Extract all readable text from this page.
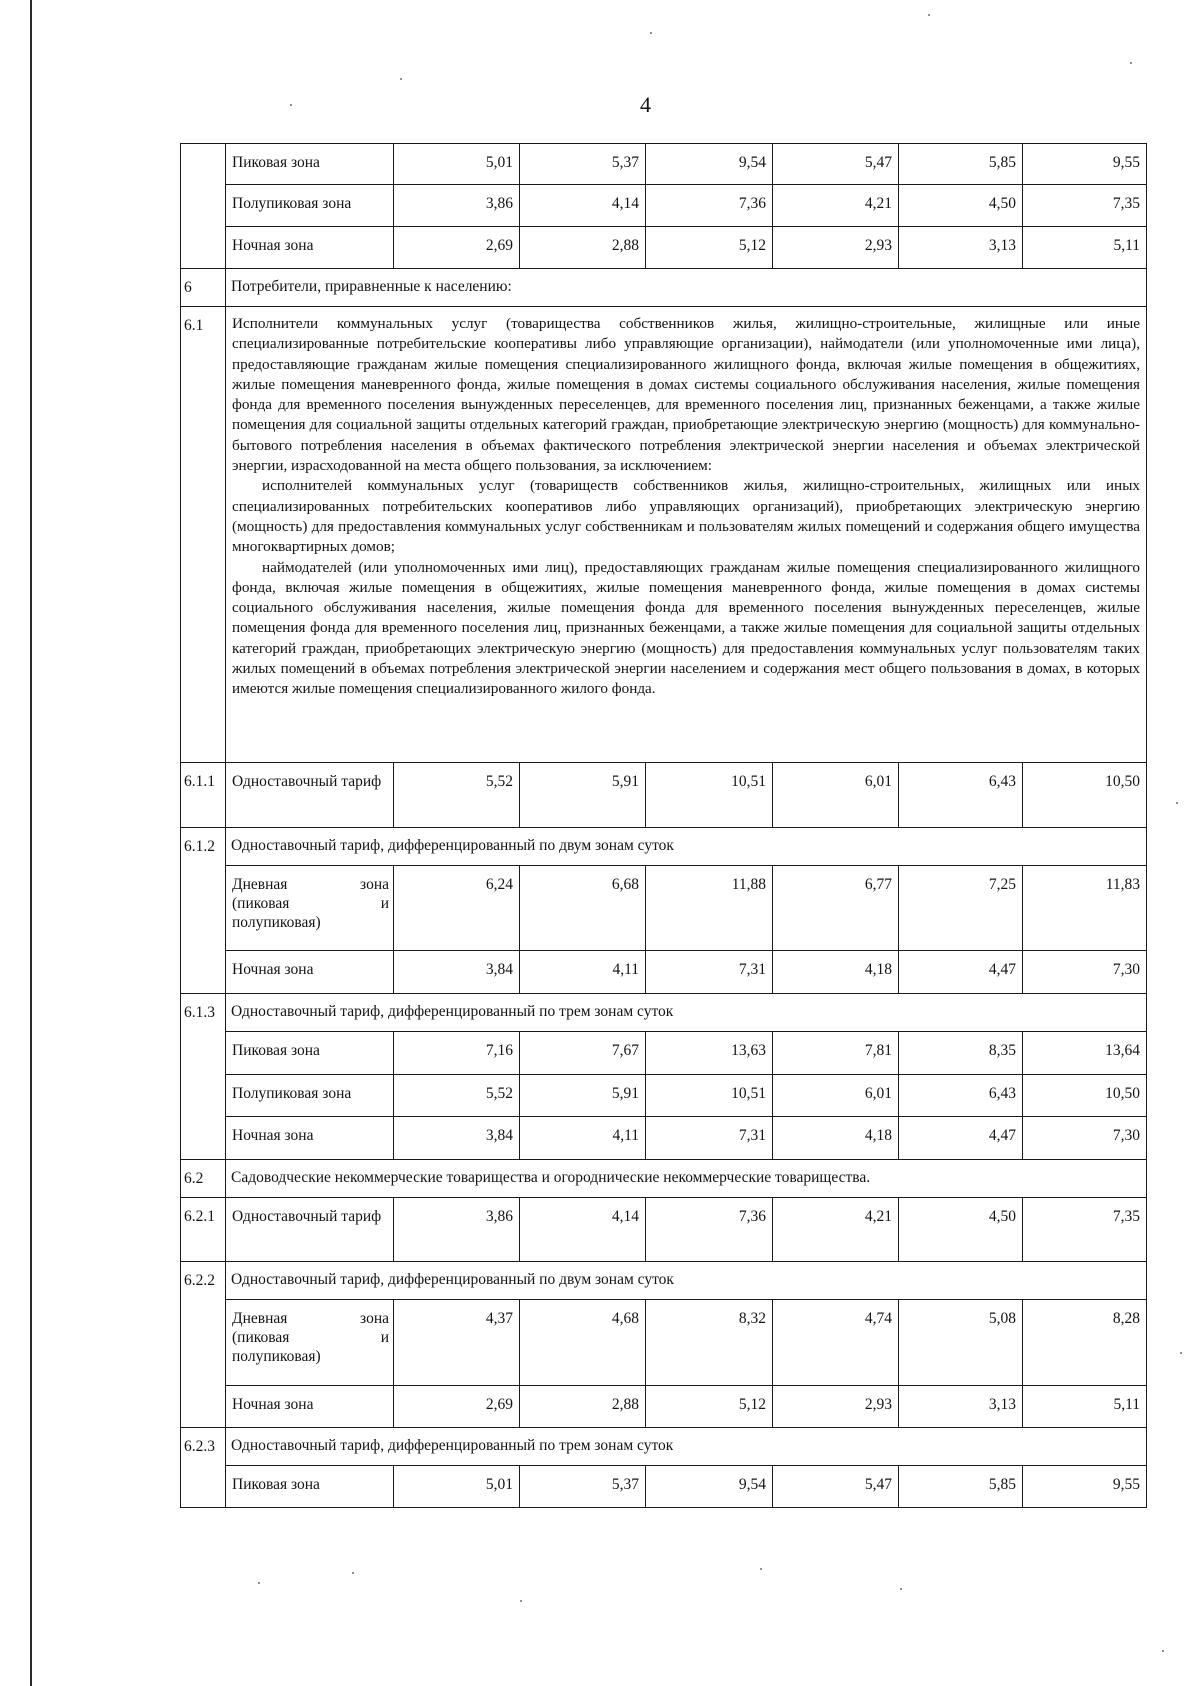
4
	Пиковая зона	5,01	5,37	9,54	5,47	5,85	9,55
	Полупиковая зона	3,86	4,14	7,36	4,21	4,50	7,35
	Ночная зона	2,69	2,88	5,12	2,93	3,13	5,11
6	Потребители, приравненные к населению:						
6.1	Исполнители коммунальных услуг (товарищества собственников жилья, жилищно-строительные, жилищные или иные специализированные потребительские кооперативы либо управляющие организации), наймодатели (или уполномоченные ими лица), предоставляющие гражданам жилые помещения специализированного жилищного фонда, включая жилые помещения в общежитиях, жилые помещения маневренного фонда, жилые помещения в домах системы социального обслуживания населения, жилые помещения фонда для временного поселения вынужденных переселенцев, для временного поселения лиц, признанных беженцами, а также жилые помещения для социальной защиты отдельных категорий граждан, приобретающие электрическую энергию (мощность) для коммунально-бытового потребления населения в объемах фактического потребления электрической энергии населения и объемах электрической энергии, израсходованной на места общего пользования, за исключением:

исполнителей коммунальных услуг (товариществ собственников жилья, жилищно-строительных, жилищных или иных специализированных потребительских кооперативов либо управляющих организаций), приобретающих электрическую энергию (мощность) для предоставления коммунальных услуг собственникам и пользователям жилых помещений и содержания общего имущества многоквартирных домов;

наймодателей (или уполномоченных ими лиц), предоставляющих гражданам жилые помещения специализированного жилищного фонда, включая жилые помещения в общежитиях, жилые помещения маневренного фонда, жилые помещения в домах системы социального обслуживания населения, жилые помещения фонда для временного поселения вынужденных переселенцев, жилые помещения фонда для временного поселения лиц, признанных беженцами, а также жилые помещения для социальной защиты отдельных категорий граждан, приобретающих электрическую энергию (мощность) для предоставления коммунальных услуг пользователям таких жилых помещений в объемах потребления электрической энергии населением и содержания мест общего пользования в домах, в которых имеются жилые помещения специализированного жилого фонда.						

6.1.1	Одноставочный тариф	5,52	5,91	10,51	6,01	6,43	10,50
6.1.2	Одноставочный тариф, дифференцированный по двум зонам суток						

	Дневная зона
(пиковая и
полупиковая)	6,24	6,68	11,88	6,77	7,25	11,83
	Ночная зона	3,84	4,11	7,31	4,18	4,47	7,30
6.1.3	Одноставочный тариф, дифференцированный по трем зонам суток						
	Пиковая зона	7,16	7,67	13,63	7,81	8,35	13,64
	Полупиковая зона	5,52	5,91	10,51	6,01	6,43	10,50
	Ночная зона	3,84	4,11	7,31	4,18	4,47	7,30
6.2	Садоводческие некоммерческие товарищества и огороднические некоммерческие товарищества.						
6.2.1	Одноставочный тариф	3,86	4,14	7,36	4,21	4,50	7,35
6.2.2	Одноставочный тариф, дифференцированный по двум зонам суток						

	Дневная зона
(пиковая и
полупиковая)	4,37	4,68	8,32	4,74	5,08	8,28
	Ночная зона	2,69	2,88	5,12	2,93	3,13	5,11
6.2.3	Одноставочный тариф, дифференцированный по трем зонам суток						
	Пиковая зона	5,01	5,37	9,54	5,47	5,85	9,55
